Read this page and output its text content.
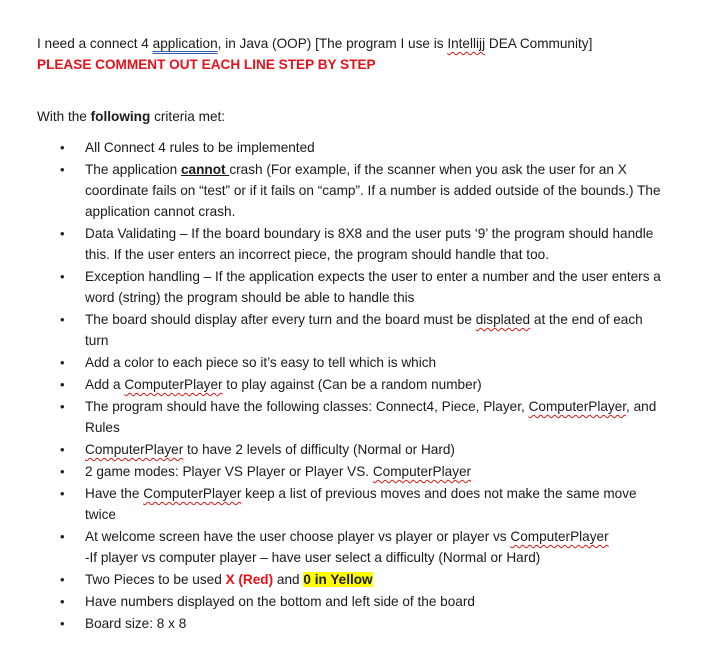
I need a connect 4 application, in Java (OOP) [The program I use is Intellijj DEA Community]
PLEASE COMMENT OUT EACH LINE STEP BY STEP
With the following criteria met:
• All Connect 4 rules to be implemented
• The application cannot crash (For example, if the scanner when you ask the user for an X coordinate fails on “test” or if it fails on “camp”. If a number is added outside of the bounds.) The application cannot crash.
• Data Validating – If the board boundary is 8X8 and the user puts ‘9’ the program should handle this. If the user enters an incorrect piece, the program should handle that too.
• Exception handling – If the application expects the user to enter a number and the user enters a word (string) the program should be able to handle this
• The board should display after every turn and the board must be displated at the end of each turn
• Add a color to each piece so it’s easy to tell which is which
• Add a ComputerPlayer to play against (Can be a random number)
• The program should have the following classes: Connect4, Piece, Player, ComputerPlayer, and Rules
• ComputerPlayer to have 2 levels of difficulty (Normal or Hard)
• 2 game modes: Player VS Player or Player VS. ComputerPlayer
• Have the ComputerPlayer keep a list of previous moves and does not make the same move twice
• At welcome screen have the user choose player vs player or player vs ComputerPlayer
-If player vs computer player – have user select a difficulty (Normal or Hard)
• Two Pieces to be used X (Red) and 0 in Yellow
• Have numbers displayed on the bottom and left side of the board
• Board size: 8 x 8
